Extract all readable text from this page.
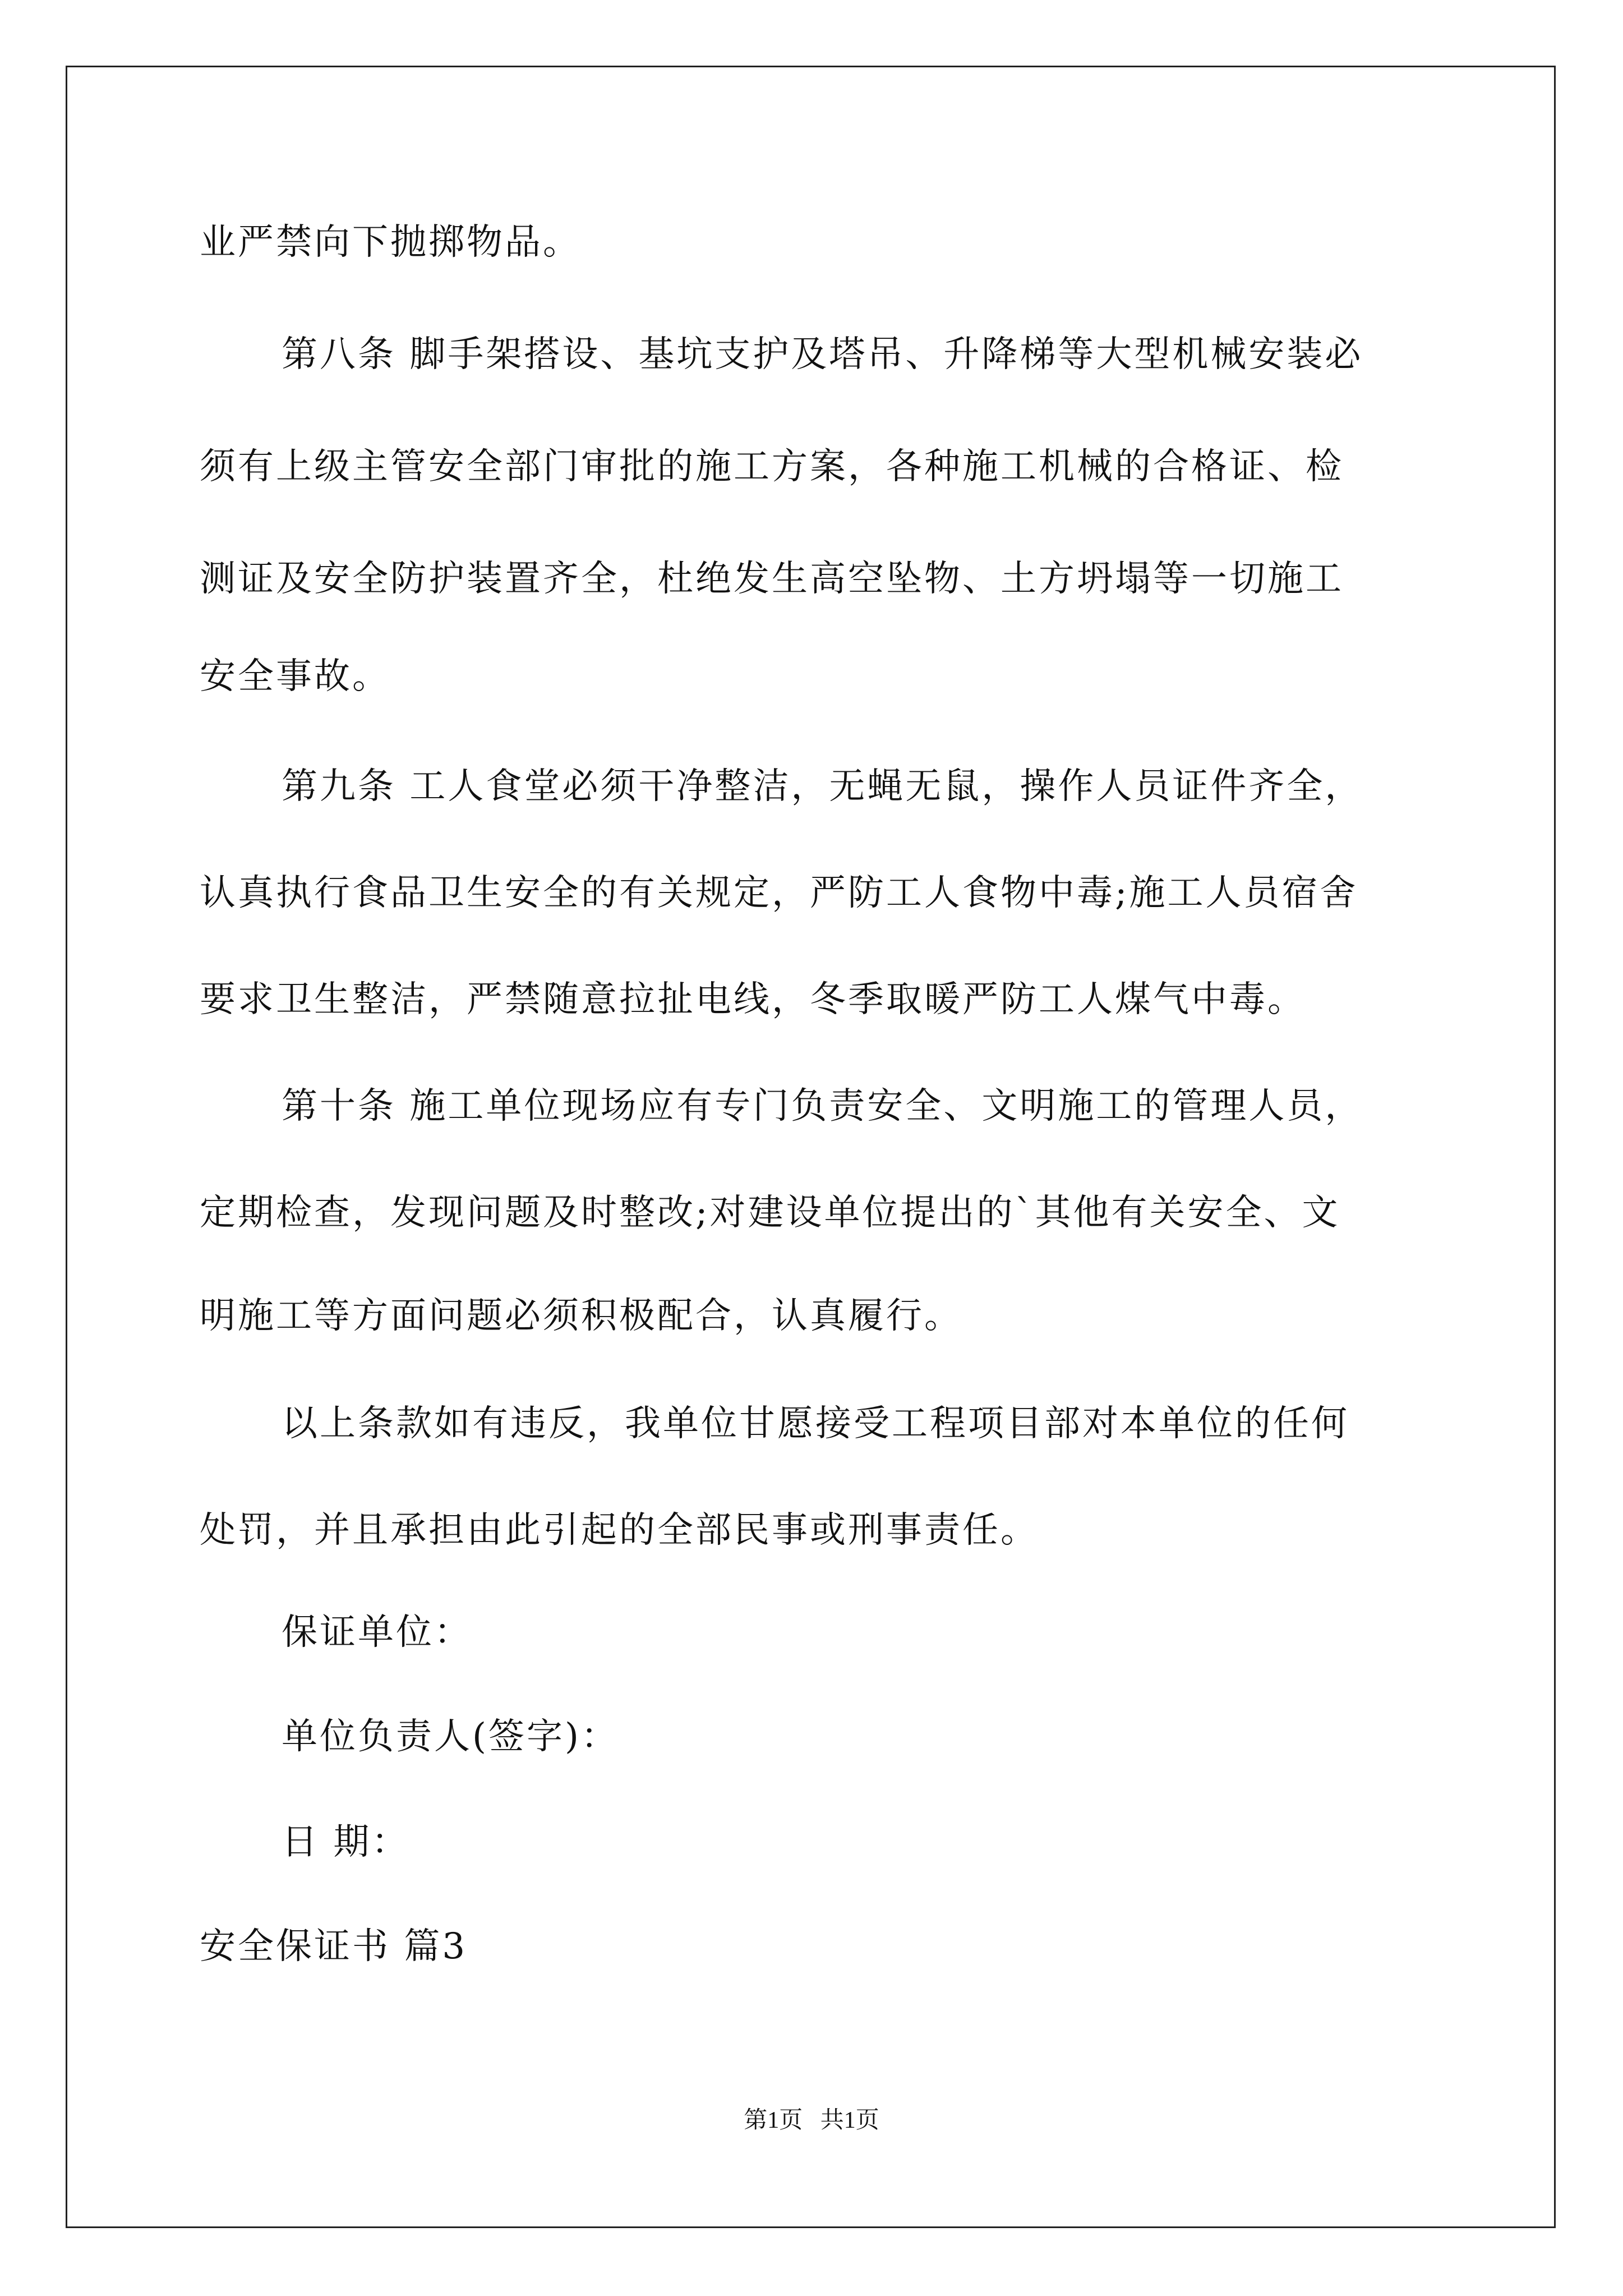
业严禁向下抛掷物品。
第八条 脚手架搭设、基坑支护及塔吊、升降梯等大型机械安装必
须有上级主管安全部门审批的施工方案，各种施工机械的合格证、检
测证及安全防护装置齐全，杜绝发生高空坠物、土方坍塌等一切施工
安全事故。
第九条 工人食堂必须干净整洁，无蝇无鼠，操作人员证件齐全，
认真执行食品卫生安全的有关规定，严防工人食物中毒;施工人员宿舍
要求卫生整洁，严禁随意拉扯电线，冬季取暖严防工人煤气中毒。
第十条 施工单位现场应有专门负责安全、文明施工的管理人员，
定期检查，发现问题及时整改;对建设单位提出的`其他有关安全、文
明施工等方面问题必须积极配合，认真履行。
以上条款如有违反，我单位甘愿接受工程项目部对本单位的任何
处罚，并且承担由此引起的全部民事或刑事责任。
保证单位：
单位负责人(签字)：
日 期：
安全保证书 篇3
第1页   共1页
